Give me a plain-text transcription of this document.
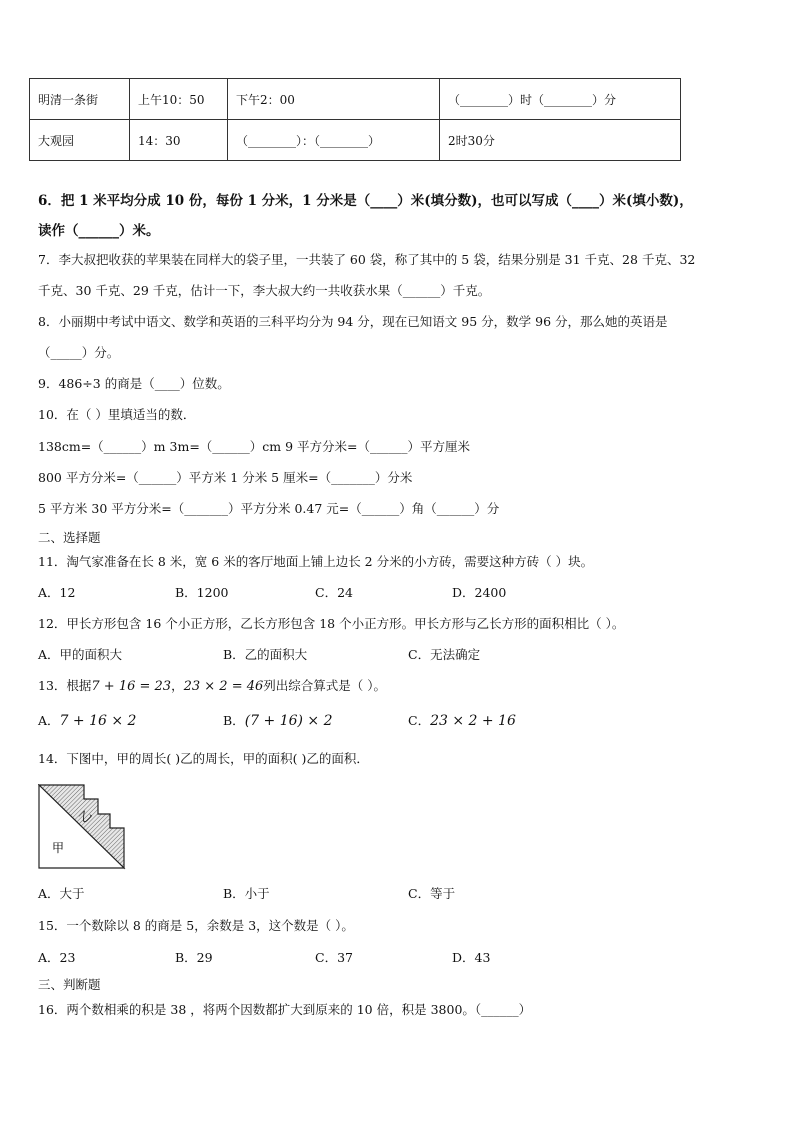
明清一条街	上午10：50	下午2：00	（________）时（________）分
大观园	14：30	（________）：（________）	2时30分
6．把 1 米平均分成 10 份，每份 1 分米，1 分米是（____）米(填分数)，也可以写成（____）米(填小数)，
读作（______）米。
7．李大叔把收获的苹果装在同样大的袋子里，一共装了 60 袋，称了其中的 5 袋，结果分别是 31 千克、28 千克、32
千克、30 千克、29 千克，估计一下，李大叔大约一共收获水果（______）千克。
8．小丽期中考试中语文、数学和英语的三科平均分为 94 分，现在已知语文 95 分，数学 96 分，那么她的英语是
（_____）分。
9．486÷3 的商是（____）位数。
10．在（ ）里填适当的数．
138cm=（______）m 3m=（______）cm 9 平方分米=（______）平方厘米
800 平方分米=（______）平方米 1 分米 5 厘米=（_______）分米
5 平方米 30 平方分米=（_______）平方分米 0.47 元=（______）角（______）分
二、选择题
11．淘气家准备在长 8 米，宽 6 米的客厅地面上铺上边长 2 分米的小方砖，需要这种方砖（ ）块。
A．12	B．1200	C．24	D．2400
12．甲长方形包含 16 个小正方形，乙长方形包含 18 个小正方形。甲长方形与乙长方形的面积相比（ ）。
A．甲的面积大	B．乙的面积大	C．无法确定
13．根据7 + 16 = 23，23 × 2 = 46列出综合算式是（ ）。
A．7 + 16 × 2	B．(7 + 16) × 2	C．23 × 2 + 16
14．下图中，甲的周长( )乙的周长，甲的面积( )乙的面积．
乙
甲
A．大于	B．小于	C．等于
15．一个数除以 8 的商是 5，余数是 3，这个数是（ ）。
A．23	B．29	C．37	D．43
三、判断题
16．两个数相乘的积是 38 ，将两个因数都扩大到原来的 10 倍，积是 3800。（______）
